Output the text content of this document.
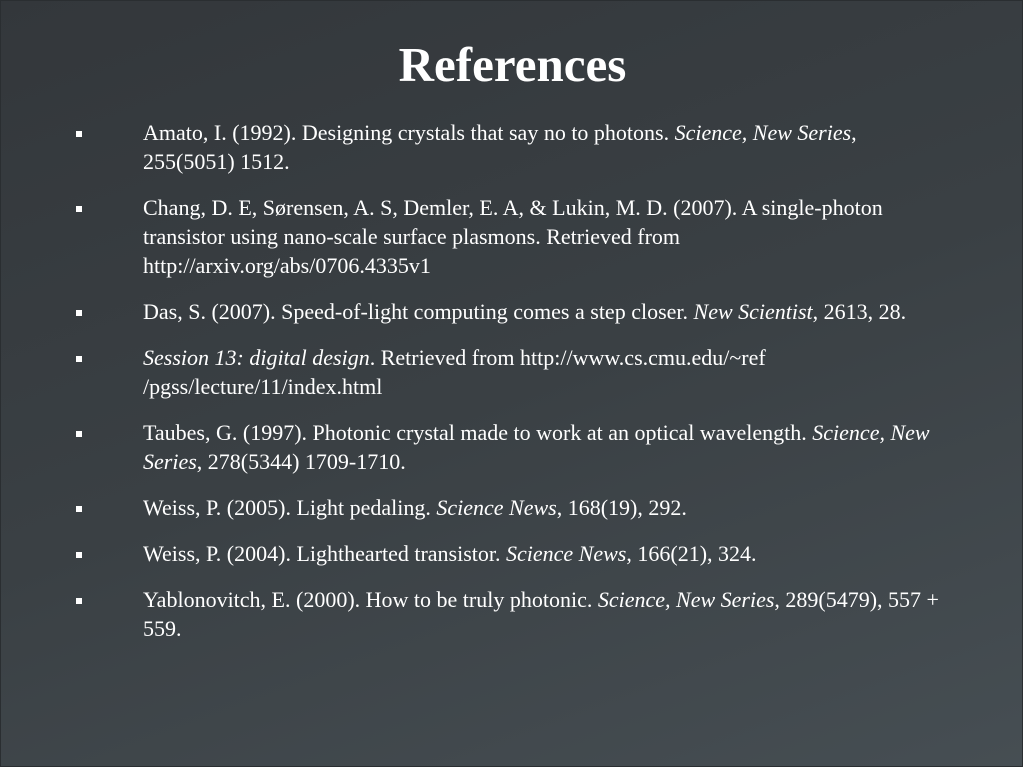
References
Amato, I. (1992). Designing crystals that say no to photons. Science, New Series, 255(5051) 1512.
Chang, D. E, Sørensen, A. S, Demler, E. A, & Lukin, M. D. (2007). A single-photon transistor using nano-scale surface plasmons. Retrieved from http://arxiv.org/abs/0706.4335v1
Das, S. (2007). Speed-of-light computing comes a step closer. New Scientist, 2613, 28.
Session 13: digital design. Retrieved from http://www.cs.cmu.edu/~ref /pgss/lecture/11/index.html
Taubes, G. (1997). Photonic crystal made to work at an optical wavelength. Science, New Series, 278(5344) 1709-1710.
Weiss, P. (2005). Light pedaling. Science News, 168(19), 292.
Weiss, P. (2004). Lighthearted transistor. Science News, 166(21), 324.
Yablonovitch, E. (2000). How to be truly photonic. Science, New Series, 289(5479), 557 + 559.
